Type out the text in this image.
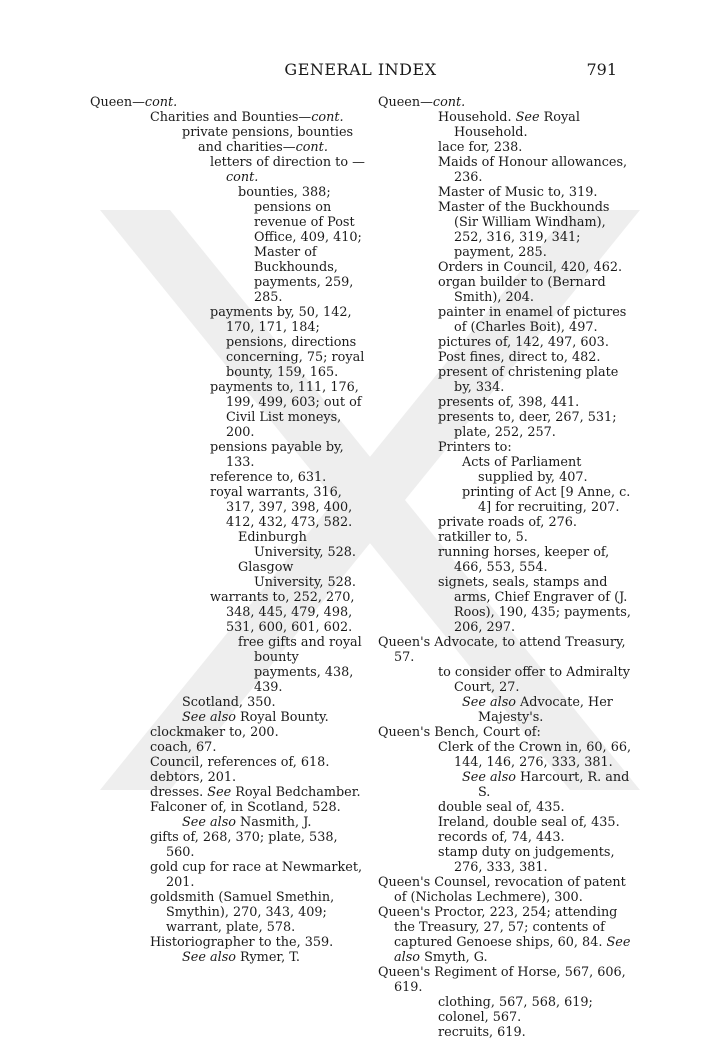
GENERAL INDEX	791
Queen—cont.
Charities and Bounties—cont.
private pensions, bounties and charities—cont.
letters of direction to —cont.
bounties, 388; pensions on revenue of Post Office, 409, 410; Master of Buckhounds, payments, 259, 285.
payments by, 50, 142, 170, 171, 184; pensions, directions concerning, 75; royal bounty, 159, 165.
payments to, 111, 176, 199, 499, 603; out of Civil List moneys, 200.
pensions payable by, 133.
reference to, 631.
royal warrants, 316, 317, 397, 398, 400, 412, 432, 473, 582.
Edinburgh University, 528.
Glasgow University, 528.
warrants to, 252, 270, 348, 445, 479, 498, 531, 600, 601, 602.
free gifts and royal bounty payments, 438, 439.
Scotland, 350.
See also Royal Bounty.
clockmaker to, 200.
coach, 67.
Council, references of, 618.
debtors, 201.
dresses. See Royal Bedchamber.
Falconer of, in Scotland, 528.
See also Nasmith, J.
gifts of, 268, 370; plate, 538, 560.
gold cup for race at Newmarket, 201.
goldsmith (Samuel Smethin, Smythin), 270, 343, 409; warrant, plate, 578.
Historiographer to the, 359.
See also Rymer, T.
Queen—cont.
Household. See Royal Household.
lace for, 238.
Maids of Honour allowances, 236.
Master of Music to, 319.
Master of the Buckhounds (Sir William Windham), 252, 316, 319, 341; payment, 285.
Orders in Council, 420, 462.
organ builder to (Bernard Smith), 204.
painter in enamel of pictures of (Charles Boit), 497.
pictures of, 142, 497, 603.
Post fines, direct to, 482.
present of christening plate by, 334.
presents of, 398, 441.
presents to, deer, 267, 531; plate, 252, 257.
Printers to:
Acts of Parliament supplied by, 407.
printing of Act [9 Anne, c. 4] for recruiting, 207.
private roads of, 276.
ratkiller to, 5.
running horses, keeper of, 466, 553, 554.
signets, seals, stamps and arms, Chief Engraver of (J. Roos), 190, 435; payments, 206, 297.
Queen's Advocate, to attend Treasury, 57.
to consider offer to Admiralty Court, 27.
See also Advocate, Her Majesty's.
Queen's Bench, Court of:
Clerk of the Crown in, 60, 66, 144, 146, 276, 333, 381.
See also Harcourt, R. and S.
double seal of, 435.
Ireland, double seal of, 435.
records of, 74, 443.
stamp duty on judgements, 276, 333, 381.
Queen's Counsel, revocation of patent of (Nicholas Lechmere), 300.
Queen's Proctor, 223, 254; attending the Treasury, 27, 57; contents of captured Genoese ships, 60, 84. See also Smyth, G.
Queen's Regiment of Horse, 567, 606, 619.
clothing, 567, 568, 619;
colonel, 567.
recruits, 619.
